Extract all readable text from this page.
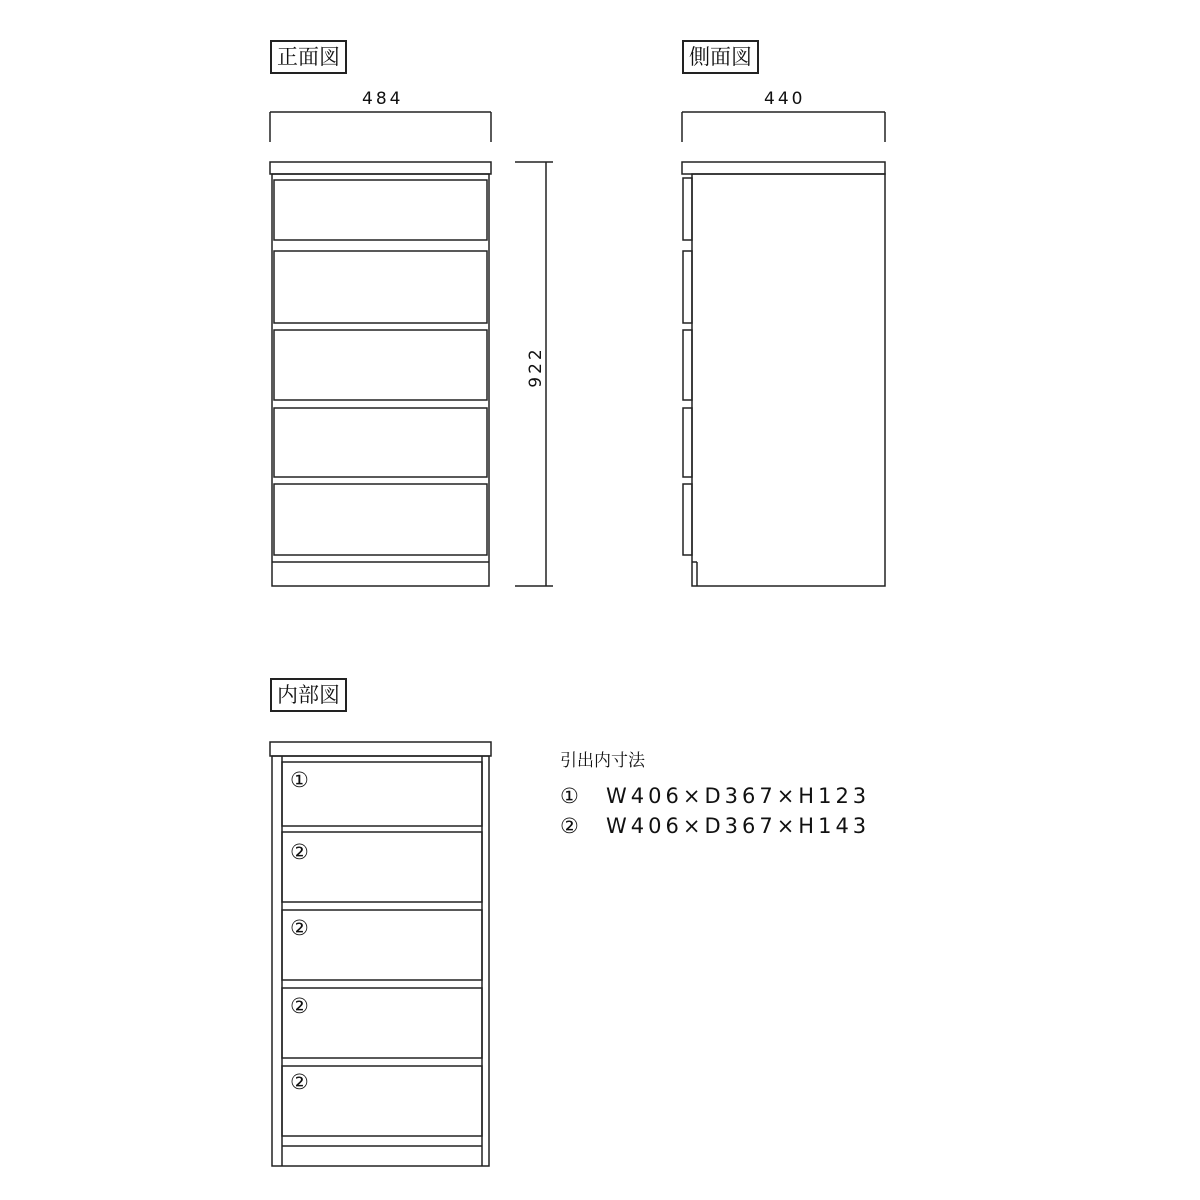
正面図	側面図
内部図
484	440
922
①
②
②
②
②
引出内寸法
① W406×D367×H123
② W406×D367×H143
